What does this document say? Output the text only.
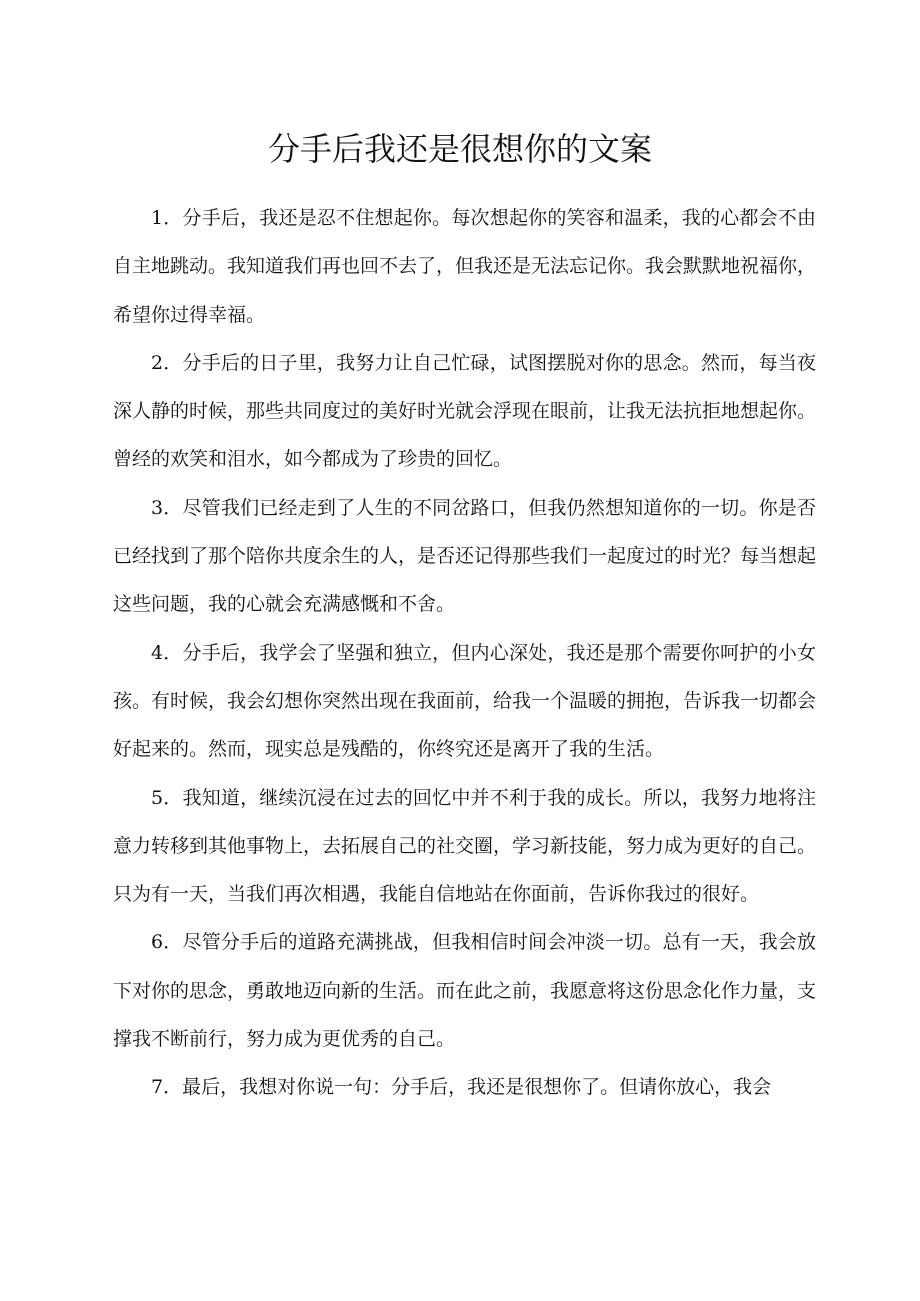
分手后我还是很想你的文案

1．分手后，我还是忍不住想起你。每次想起你的笑容和温柔，我的心都会不由自主地跳动。我知道我们再也回不去了，但我还是无法忘记你。我会默默地祝福你，希望你过得幸福。

2．分手后的日子里，我努力让自己忙碌，试图摆脱对你的思念。然而，每当夜深人静的时候，那些共同度过的美好时光就会浮现在眼前，让我无法抗拒地想起你。曾经的欢笑和泪水，如今都成为了珍贵的回忆。

3．尽管我们已经走到了人生的不同岔路口，但我仍然想知道你的一切。你是否已经找到了那个陪你共度余生的人，是否还记得那些我们一起度过的时光？每当想起这些问题，我的心就会充满感慨和不舍。

4．分手后，我学会了坚强和独立，但内心深处，我还是那个需要你呵护的小女孩。有时候，我会幻想你突然出现在我面前，给我一个温暖的拥抱，告诉我一切都会好起来的。然而，现实总是残酷的，你终究还是离开了我的生活。

5．我知道，继续沉浸在过去的回忆中并不利于我的成长。所以，我努力地将注意力转移到其他事物上，去拓展自己的社交圈，学习新技能，努力成为更好的自己。只为有一天，当我们再次相遇，我能自信地站在你面前，告诉你我过的很好。

6．尽管分手后的道路充满挑战，但我相信时间会冲淡一切。总有一天，我会放下对你的思念，勇敢地迈向新的生活。而在此之前，我愿意将这份思念化作力量，支撑我不断前行，努力成为更优秀的自己。

7．最后，我想对你说一句：分手后，我还是很想你了。但请你放心，我会
